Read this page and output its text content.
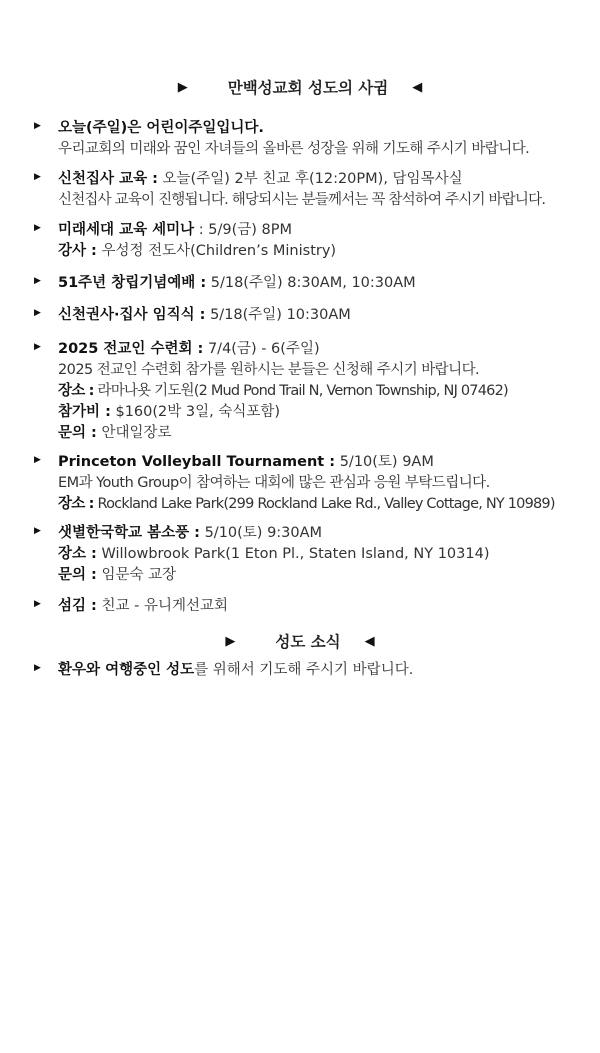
▶	만백성교회 성도의 사귐 ◀
▶ 오늘(주일)은 어린이주일입니다.
우리교회의 미래와 꿈인 자녀들의 올바른 성장을 위해 기도해 주시기 바랍니다.
▶ 신천집사 교육 : 오늘(주일) 2부 친교 후(12:20PM), 담임목사실
신천집사 교육이 진행됩니다. 해당되시는 분들께서는 꼭 참석하여 주시기 바랍니다.
▶ 미래세대 교육 세미나 : 5/9(금) 8PM
강사 : 우성정 전도사(Children’s Ministry)
▶ 51주년 창립기념예배 : 5/18(주일) 8:30AM, 10:30AM
▶ 신천권사·집사 임직식 : 5/18(주일) 10:30AM
▶ 2025 전교인 수련회 : 7/4(금) - 6(주일)
2025 전교인 수련회 참가를 원하시는 분들은 신청해 주시기 바랍니다.
장소 : 라마나욧 기도원(2 Mud Pond Trail N, Vernon Township, NJ 07462)
참가비 : $160(2박 3일, 숙식포함)
문의 : 안대일장로
▶ Princeton Volleyball Tournament : 5/10(토) 9AM
EM과 Youth Group이 참여하는 대회에 많은 관심과 응원 부탁드립니다.
장소 : Rockland Lake Park(299 Rockland Lake Rd., Valley Cottage, NY 10989)
▶ 샛별한국학교 봄소풍 : 5/10(토) 9:30AM
장소 : Willowbrook Park(1 Eton Pl., Staten Island, NY 10314)
문의 : 임문숙 교장
▶ 섬김 : 친교 - 유니게선교회
▶	성도 소식 ◀
▶ 환우와 여행중인 성도를 위해서 기도해 주시기 바랍니다.
